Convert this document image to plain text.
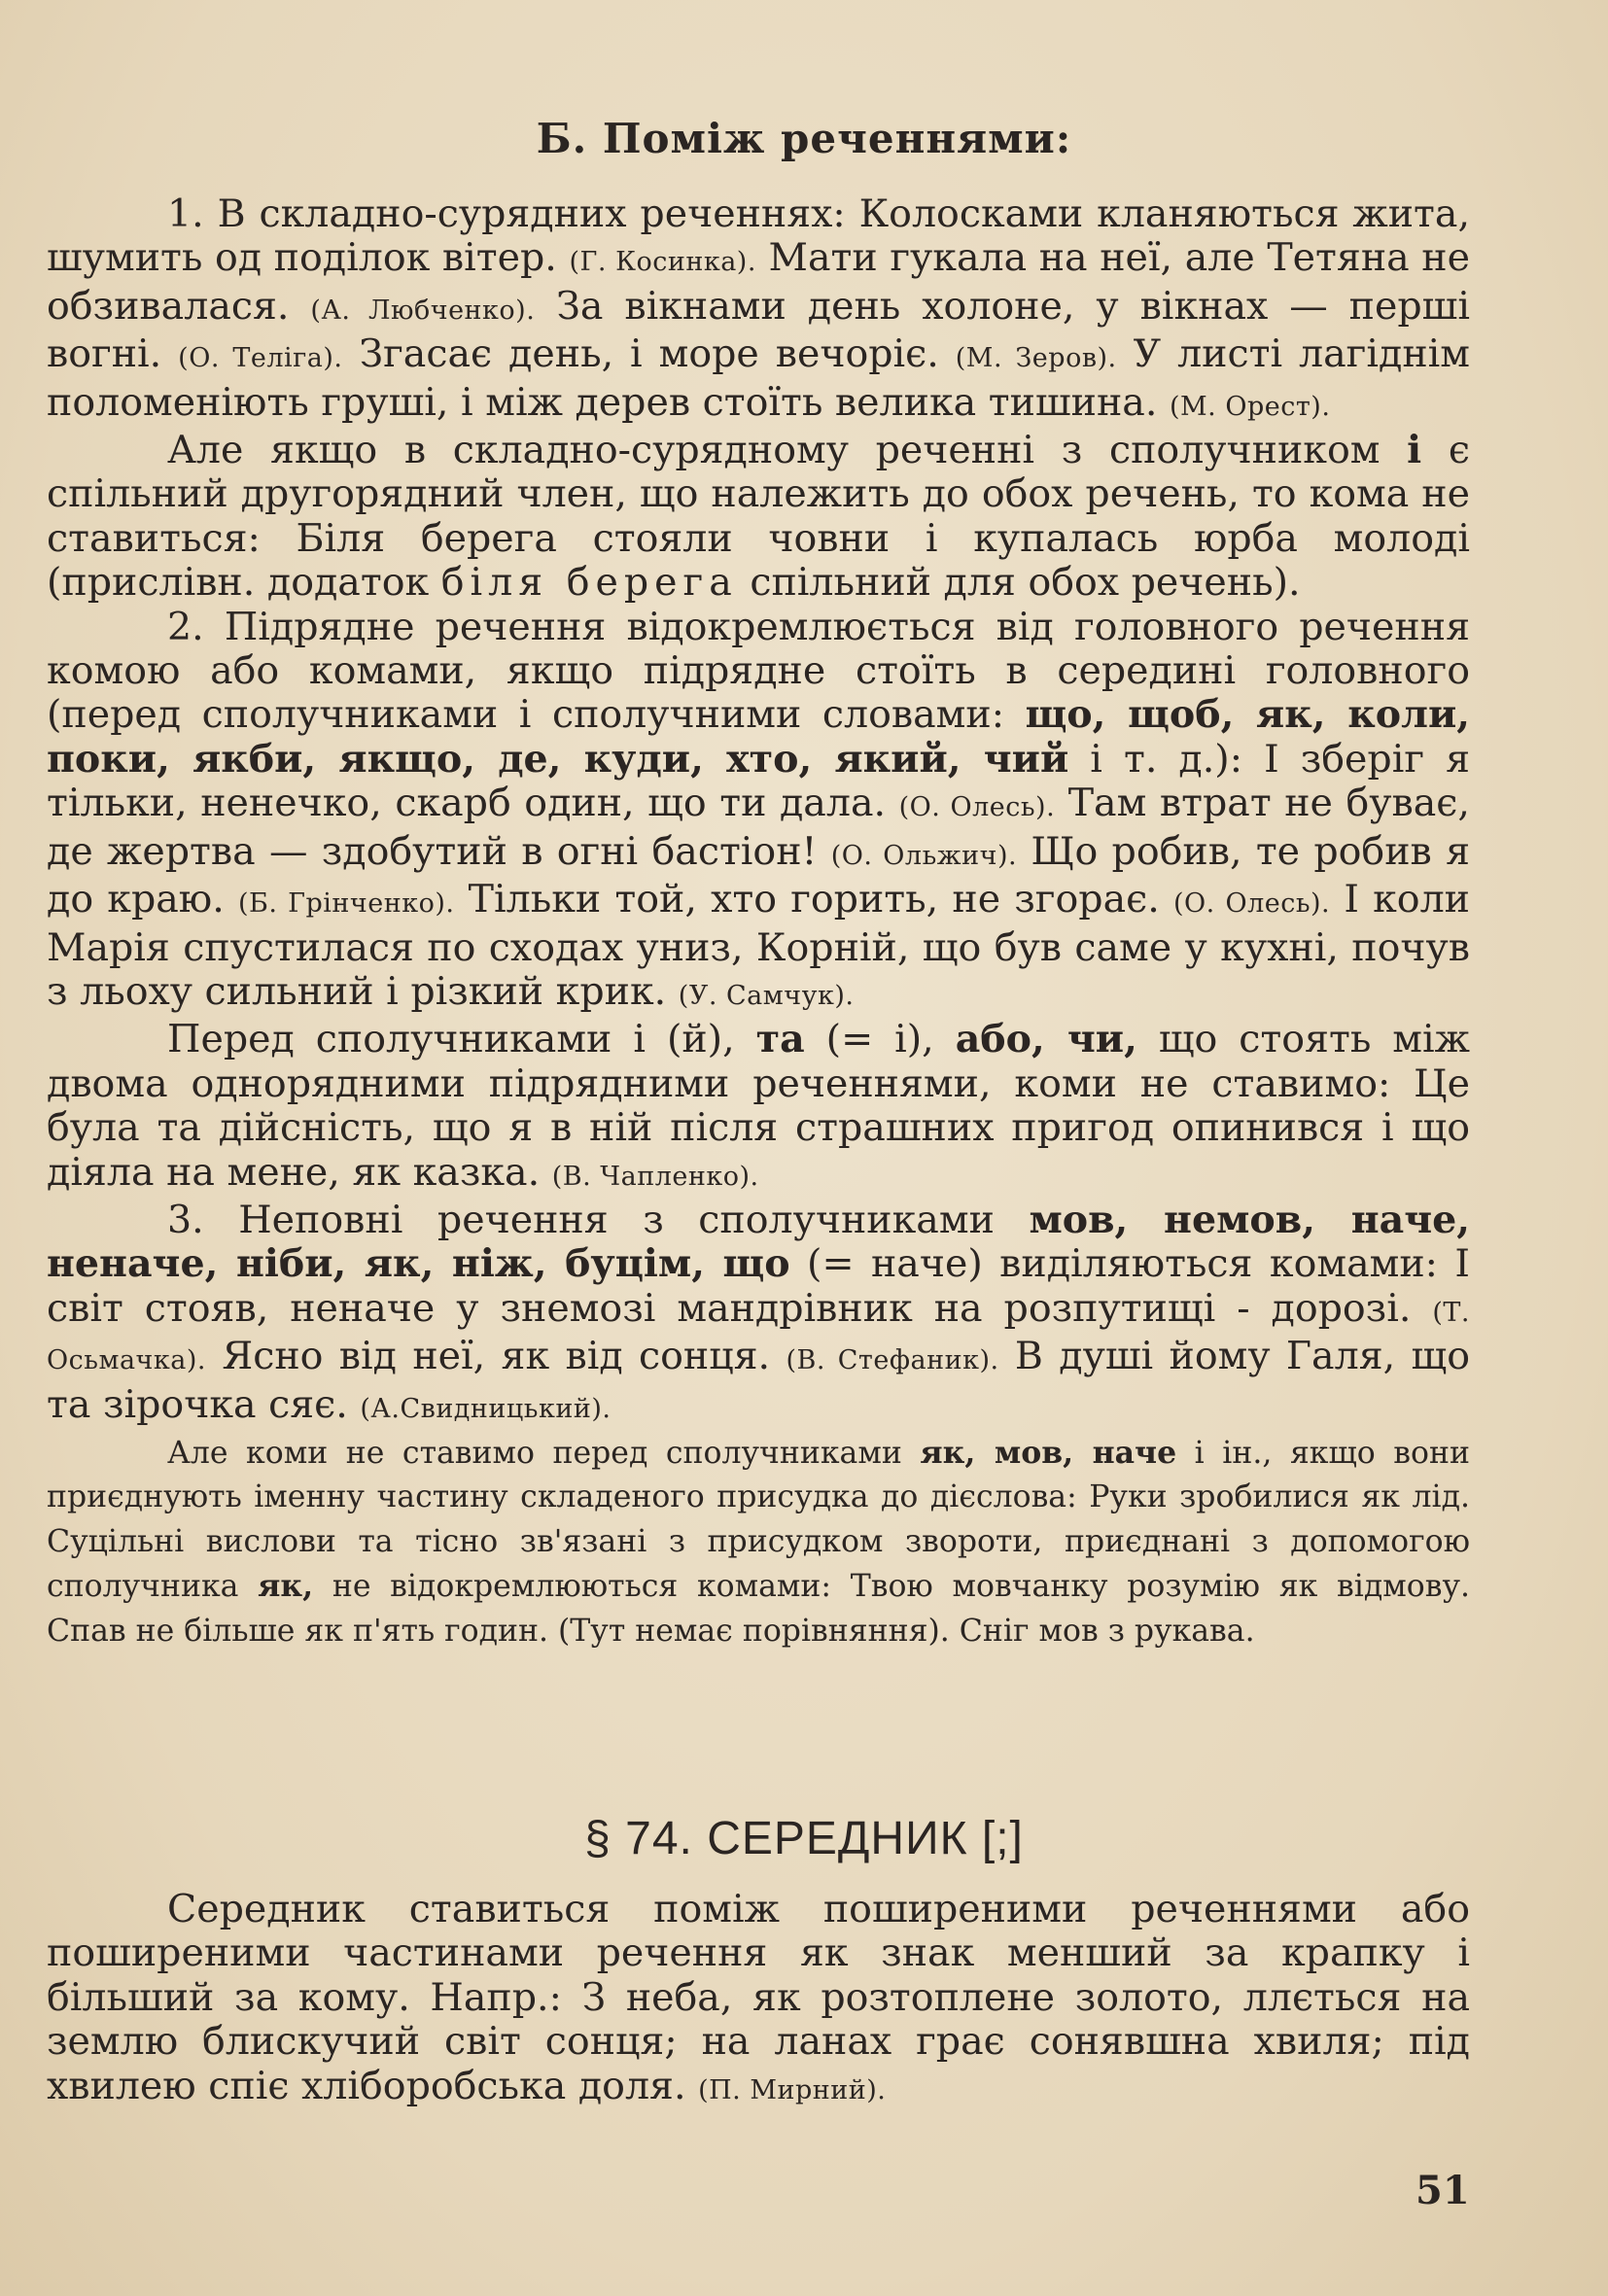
Б. Поміж реченнями:

1. В складно-сурядних реченнях: Колосками кланяються жита, шумить од поділок вітер. (Г. Косинка). Мати гукала на неї, але Тетяна не обзивалася. (А. Любченко). За вікнами день холоне, у вікнах — перші вогні. (О. Теліга). Згасає день, і море вечоріє. (М. Зеров). У листі лагіднім поломеніють груші, і між дерев стоїть велика тишина. (М. Орест).

Але якщо в складно-сурядному реченні з сполучником і є спільний другорядний член, що належить до обох речень, то кома не ставиться: Біля берега стояли човни і купалась юрба молоді (прислівн. додаток біля берега спільний для обох речень).

2. Підрядне речення відокремлюється від головного речення комою або комами, якщо підрядне стоїть в середині головного (перед сполучниками і сполучними словами: що, щоб, як, коли, поки, якби, якщо, де, куди, хто, який, чий і т. д.): І зберіг я тільки, ненечко, скарб один, що ти дала. (О. Олесь). Там втрат не буває, де жертва — здобутий в огні бастіон! (О. Ольжич). Що робив, те робив я до краю. (Б. Грінченко). Тільки той, хто горить, не згорає. (О. Олесь). І коли Марія спустилася по сходах униз, Корній, що був саме у кухні, почув з льоху сильний і різкий крик. (У. Самчук).

Перед сполучниками і (й), та (= і), або, чи, що стоять між двома однорядними підрядними реченнями, коми не ставимо: Це була та дійсність, що я в ній після страшних пригод опинився і що діяла на мене, як казка. (В. Чапленко).

3. Неповні речення з сполучниками мов, немов, наче, неначе, ніби, як, ніж, буцім, що (= наче) виділяються комами: І світ стояв, неначе у знемозі мандрівник на розпутищі - дорозі. (Т. Осьмачка). Ясно від неї, як від сонця. (В. Стефаник). В душі йому Галя, що та зірочка сяє. (А.Свидницький).

Але коми не ставимо перед сполучниками як, мов, наче і ін., якщо вони приєднують іменну частину складеного присудка до дієслова: Руки зробилися як лід. Суцільні вислови та тісно зв'язані з присудком звороти, приєднані з допомогою сполучника як, не відокремлюються комами: Твою мовчанку розумію як відмову. Спав не більше як п'ять годин. (Тут немає порівняння). Сніг мов з рукава.

§ 74. СЕРЕДНИК [;]

Середник ставиться поміж поширеними реченнями або поширеними частинами речення як знак менший за крапку і більший за кому. Напр.: З неба, як розтоплене золото, ллється на землю блискучий світ сонця; на ланах грає сонявшна хвиля; під хвилею спіє хліборобська доля. (П. Мирний).

51
